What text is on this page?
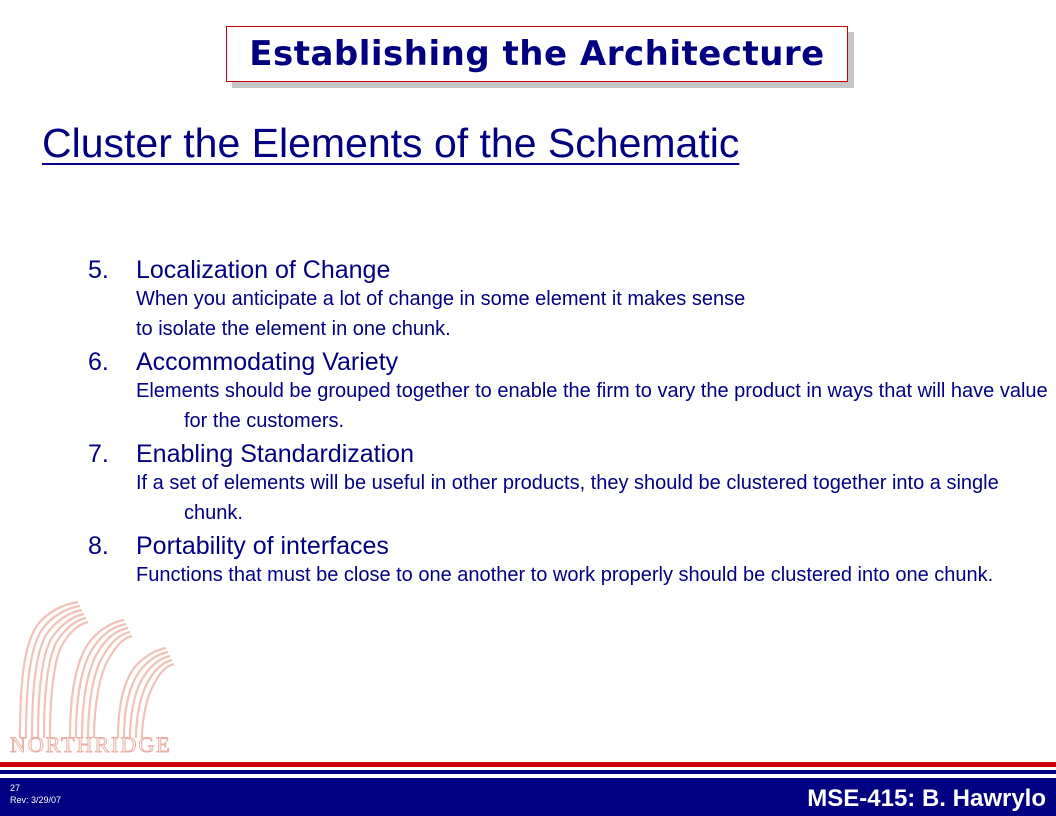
Establishing the Architecture
Cluster the Elements of the Schematic
NORTHRIDGE
5. Localization of Change
When you anticipate a lot of change in some element it makes sense
to isolate the element in one chunk.
6. Accommodating Variety
Elements should be grouped together to enable the firm to vary the product in ways that will have value for the customers.
7. Enabling Standardization
If a set of elements will be useful in other products, they should be clustered together into a single chunk.
8. Portability of interfaces
Functions that must be close to one another to work properly should be clustered into one chunk.
27
Rev: 3/29/07	MSE-415: B. Hawrylo
